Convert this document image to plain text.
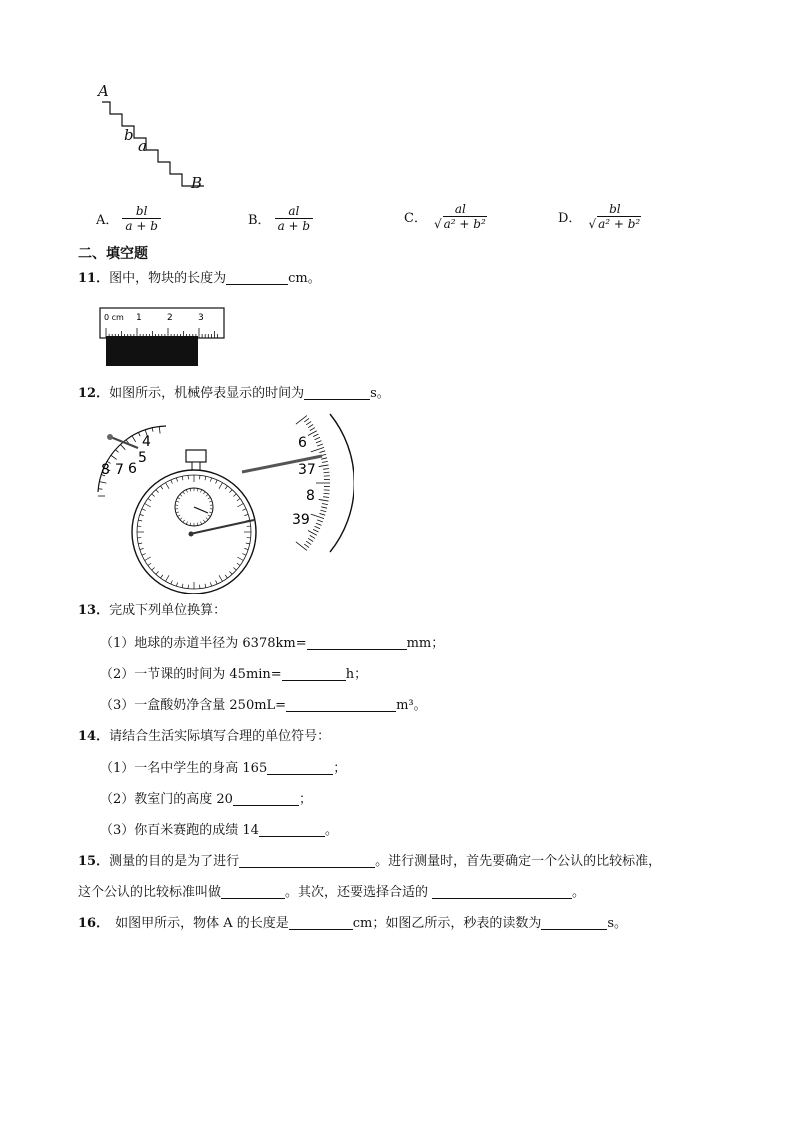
A
b
a
B
A． $\frac{bl}{a + b}$	B． $\frac{al}{a + b}$	C．
al
√ a² + b²	D．
bl
√ a² + b²
二、填空题
11．图中，物块的长度为	cm。
0 cm 1	2	3
12．如图所示，机械停表显示的时间为	s。
4
5
6
7
8
6
37
8
39
13．完成下列单位换算：
（1）地球的赤道半径为 6378km=	mm；
（2）一节课的时间为 45min=	h；
（3）一盒酸奶净含量 250mL=	m³。
14．请结合生活实际填写合理的单位符号：
（1）一名中学生的身高 165	；
（2）教室门的高度 20	；
（3）你百米赛跑的成绩 14	。
15．测量的目的是为了进行	。进行测量时，首先要确定一个公认的比较标准，
这个公认的比较标准叫做	。其次，还要选择合适的	。
16． 如图甲所示，物体 A 的长度是	cm；如图乙所示，秒表的读数为	s。
